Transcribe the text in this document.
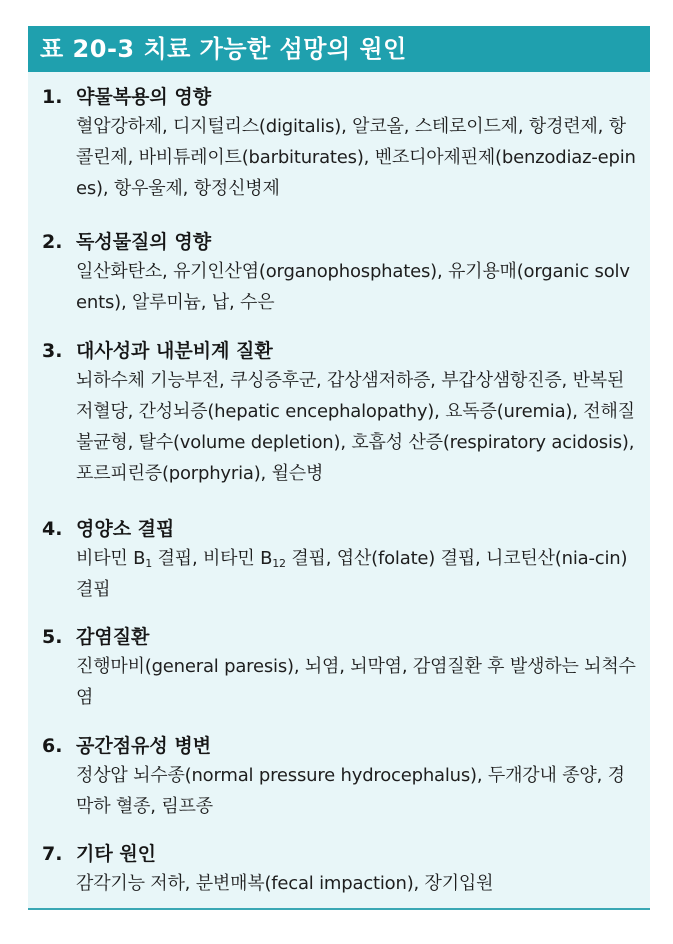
표 20-3 치료 가능한 섬망의 원인
1. 약물복용의 영향
혈압강하제, 디지털리스(digitalis), 알코올, 스테로이드제, 항경련제, 항콜린제, 바비튜레이트(barbiturates), 벤조디아제핀제(benzodiaz-epines), 항우울제, 항정신병제
2. 독성물질의 영향
일산화탄소, 유기인산염(organophosphates), 유기용매(organic solvents), 알루미늄, 납, 수은
3. 대사성과 내분비계 질환
뇌하수체 기능부전, 쿠싱증후군, 갑상샘저하증, 부갑상샘항진증, 반복된 저혈당, 간성뇌증(hepatic encephalopathy), 요독증(uremia), 전해질 불균형, 탈수(volume depletion), 호흡성 산증(respiratory acidosis), 포르피린증(porphyria), 윌슨병
4. 영양소 결핍
비타민 $B_1$ 결핍, 비타민 $B_{12}$ 결핍, 엽산(folate) 결핍, 니코틴산(nia-cin) 결핍
5. 감염질환
진행마비(general paresis), 뇌염, 뇌막염, 감염질환 후 발생하는 뇌척수염
6. 공간점유성 병변
정상압 뇌수종(normal pressure hydrocephalus), 두개강내 종양, 경막하 혈종, 림프종
7. 기타 원인
감각기능 저하, 분변매복(fecal impaction), 장기입원
